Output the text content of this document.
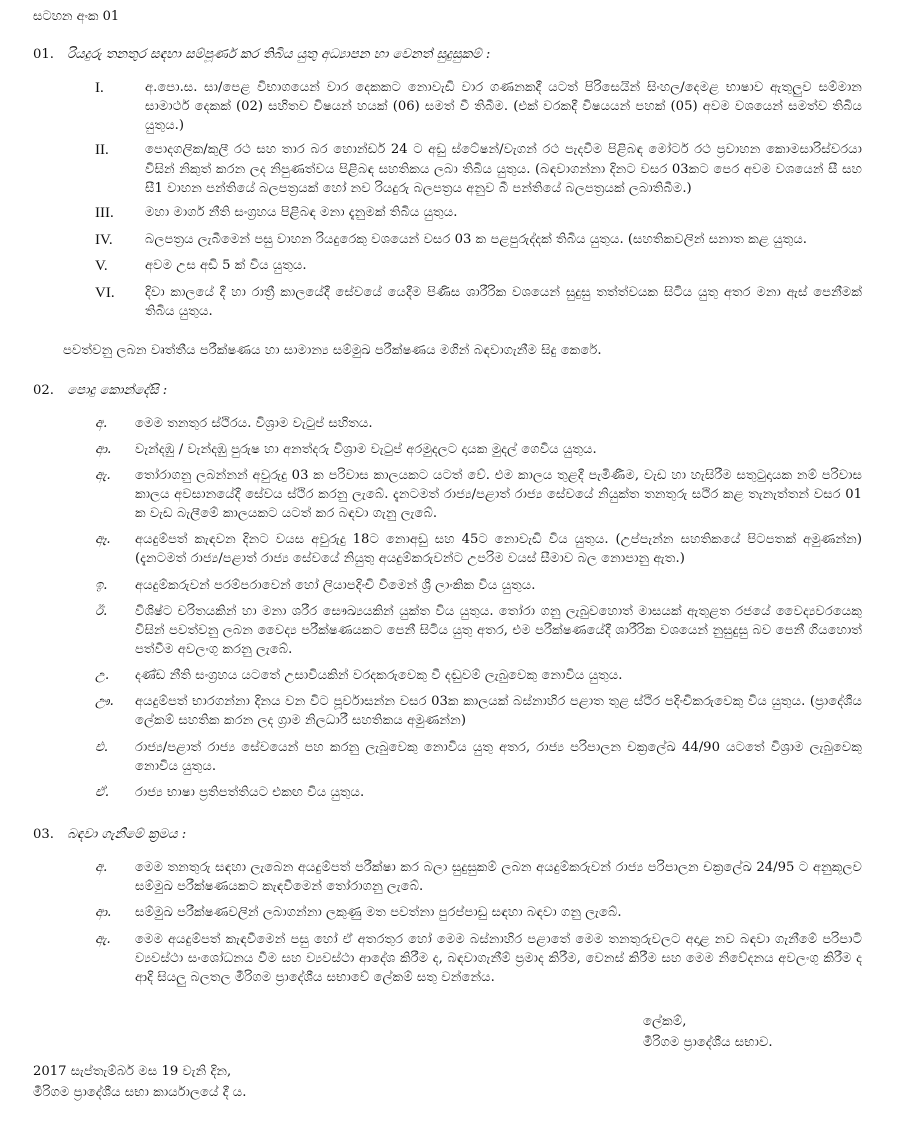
සටහන අංක 01
01. රියදුරු තනතුර සඳහා සම්පූර්ණ කර තිබිය යුතු අධ්‍යාපන හා වෙනත් සුදුසුකම් :
I.	අ.පො.ස. සා/පෙළ විභාගයෙන් වාර දෙකකට නොවැඩි වාර ගණනකදී යටත් පිරිසෙයින් සිංහල/දෙමළ භාෂාව ඇතුලුව සම්මාන සාමාර්ථ දෙකක් (02) සහිතව විෂයන් හයක් (06) සමත් වී තිබීම. (එක් වරකදී විෂයයන් පහක් (05) අවම වශයෙන් සමත්ව තිබිය යුතුය.)
II.	පොදගලික/කුලී රථ සහ තාර බර හොන්ඩර් 24 ට අඩු ස්ටේෂන්/වැගන් රථ පැදවීම පිළිබඳ මෝටර් රථ ප්‍රවාහන කොමසාරිස්වරයා විසින් නිකුත් කරන ලද නිපුණත්වය පිළිබඳ සහතිකය ලබා තිබිය යුතුය. (බඳවාගන්නා දිනට වසර 03කට පෙර අවම වශයෙන් සී සහ සී1 වාහන පන්තියේ බලපත්‍රයක් හෝ නව රියදුරු බලපත්‍රය අනුව බී පන්තියේ බලපත්‍රයක් ලබාතිබීම.)
III.	මහා මාර්ග නීති සංග්‍රහය පිළිබඳ මනා දැනුමක් තිබිය යුතුය.
IV.	බලපත්‍රය ලැබීමෙන් පසු වාහන රියදුරෙකු වශයෙන් වසර 03 ක පළපුරුද්දක් තිබිය යුතුය. (සහතිකවලින් සනාත කළ යුතුය.
V.	අවම උස අඩි 5 ක් විය යුතුය.
VI.	දිවා කාලයේ දී හා රාත්‍රී කාලයේදී සේවයේ යෙදීම පිණිස ශාරීරික වශයෙන් සුදුසු තත්ත්වයක සිටිය යුතු අතර මනා ඇස් පෙනීමක් තිබිය යුතුය.
පවත්වනු ලබන වෘත්තීය පරීක්ෂණය හා සාමාන්‍ය සම්මුඛ පරීක්ෂණය මගින් බඳවාගැනීම සිදු කෙරේ.
02. පොදු කොන්දේසි :
අ.	මෙම තනතුර ස්ථිරය. විශ්‍රාම වැටුප් සහිතය.
ආ.	වැන්දඹු / වැන්දඹු පුරුෂ හා අනත්දරු විශ්‍රාම වැටුප් අරමුදලට දායක මුදල් ගෙවිය යුතුය.
ඇ.	තෝරාගනු ලබන්නන් අවුරුදු 03 ක පරිවාස කාලයකට යටත් වේ. එම කාලය තුළදී පැමිණීම, වැඩ හා හැසිරීම සතුටුදායක නම් පරිවාස කාලය අවසානයේදී සේවය ස්ථිර කරනු ලැබේ. දැනටමත් රාජ්‍ය/පළාත් රාජ්‍ය සේවයේ නියුක්ත තනතුරු සථිර කළ තැනැත්තන් වසර 01 ක වැඩ බැලීමේ කාලයකට යටත් කර බඳවා ගැනු ලැබේ.
ඈ.	අයදුම්පත් කැඳවන දිනට වයස අවුරුදු 18ට නොඅඩු සහ 45ට නොවැඩි විය යුතුය. (උප්පැන්න සහතිකයේ පිටපතක් අමුණන්න) (දැනටමත් රාජ්‍ය/පළාත් රාජ්‍ය සේවයේ නියුතු අයදුම්කරුවන්ට උපරිම වයස් සීමාව බල නොපානු ඇත.)
ඉ.	අයදුම්කරුවන් පරම්පරාවෙන් හෝ ලියාපදිංචි වීමෙන් ශ්‍රී ලාංකික විය යුතුය.
ඊ.	විශිෂ්ට චරිතයකින් හා මනා ශරීර සෞඛ්‍යයකින් යුක්ත විය යුතුය. තෝරා ගනු ලැබුවහොත් මාසයක් ඇතුළත රජයේ වෛද්‍යවරයෙකු විසින් පවත්වනු ලබන වෛද්‍ය පරීක්ෂණයකට පෙනී සිටිය යුතු අතර, එම පරීක්ෂණයේදී ශාරීරික වශයෙන් නුසුදුසු බව පෙනී ගියහොත් පත්වීම අවලංගු කරනු ලැබේ.
උ.	දණ්ඩ නීති සංග්‍රහය යටතේ උසාවියකින් වරදකරුවෙකු වී දඬුවම් ලැබුවෙකු නොවිය යුතුය.
ඌ.	අයදුම්පත් භාරගන්නා දිනය වන විට පූර්වාසන්න වසර 03ක කාලයක් බස්නාහිර පළාත තුළ ස්ථිර පදිංචිකරුවෙකු විය යුතුය. (ප්‍රාදේශීය ලේකම් සහතික කරන ලද ග්‍රාම නිලධාරී සහතිකය අමුණන්න)
එ.	රාජ්‍ය/පළාත් රාජ්‍ය සේවයෙන් පහ කරනු ලැබුවෙකු නොවිය යුතු අතර, රාජ්‍ය පරිපාලන චක්‍රලේඛ 44/90 යටතේ විශ්‍රාම ලැබුවෙකු නොවිය යුතුය.
ඒ.	රාජ්‍ය භාෂා ප්‍රතිපත්තියට එකඟ විය යුතුය.
03. බඳවා ගැනීමේ ක්‍රමය :
අ.	මෙම තනතුරු සඳහා ලැබෙන අයදුම්පත් පරීක්ෂා කර බලා සුදුසුකම් ලබන අයදුම්කරුවන් රාජ්‍ය පරිපාලන චක්‍රලේඛ 24/95 ට අනුකූලව සම්මුඛ පරීක්ෂණයකට කැඳවීමෙන් තෝරාගනු ලැබේ.
ආ.	සම්මුඛ පරීක්ෂණවලින් ලබාගන්නා ලකුණු මත පවත්නා පුරප්පාඩු සඳහා බඳවා ගනු ලැබේ.
ඇ.	මෙම අයදුම්පත් කැඳවීමෙන් පසු හෝ ඒ අතරතුර හෝ මෙම බස්නාහිර පළාතේ මෙම තනතුරුවලට අදාළ නව බඳවා ගැනීමේ පරිපාටි ව්‍යවස්ථා සංශෝධනය වීම සහ ව්‍යවස්ථා ආදේශ කිරීම ද, බඳවාගැනීම් ප්‍රමාද කිරීම, වෙනස් කිරීම සහ මෙම නිවේදනය අවලංගු කිරීම ද ආදි සියලු බලතල මීරිගම ප්‍රාදේශීය සභාවේ ලේකම් සතු වන්නේය.
ලේකම්,
මීරිගම ප්‍රාදේශීය සභාව.
2017 සැප්තැම්බර් මස 19 වැනි දින,
මීරිගම ප්‍රාදේශීය සභා කාර්යාලයේ දී ය.
